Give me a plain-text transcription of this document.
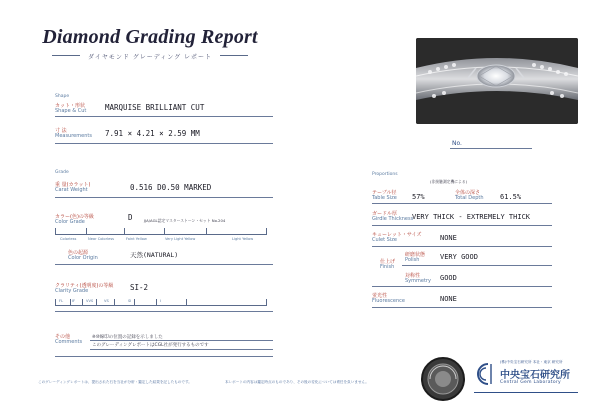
Diamond Grading Report
ダイヤモンド グレーディング レポート
Shape
カット・形状
Shape & Cut MARQUISE BRILLIANT CUT
寸 法
Measurements 7.91 × 4.21 × 2.59 MM
Grade
重 量(カラット)
Carat Weight	0.516 D0.50 MARKED
カラー(色)の等級
Color Grade	D	JJA/AGL認定マスターストーン・セット No.204
Colorless	Near Colorless	Faint Yellow	Very Light Yellow	Light Yellow
色の起源
Color Origin	天然(NATURAL)
クラリティ(透明度)の等級
Clarity Grade	SI-2
FL IF	VVS	VS	SI	I
その他
Comments
※⑩線印の位置の記録を示しました
このグレーディングレポートはCGL社が発行するものです
No.
Proportions
(非接触測定機による)
テーブル径
Table Size 57%	全体の深さ
Total Depth 61.5%
ガードル厚
Girdle Thickness
VERY THICK - EXTREMELY THICK
キューレット・サイズ
Culet Size	NONE
仕上げ
Finish
研磨状態
Polish	VERY GOOD
対称性
Symmetry GOOD
蛍光性
Fluorescence	NONE
このグレーディングレポートは、提出された石を当社が分析・鑑定した結果を記したものです。	本レポートの内容は鑑定時点のものであり、その後の変化については責任を負いません。
(株)中央宝石研究所 本社・東京 研究所
中央宝石研究所
Central Gem Laboratory
